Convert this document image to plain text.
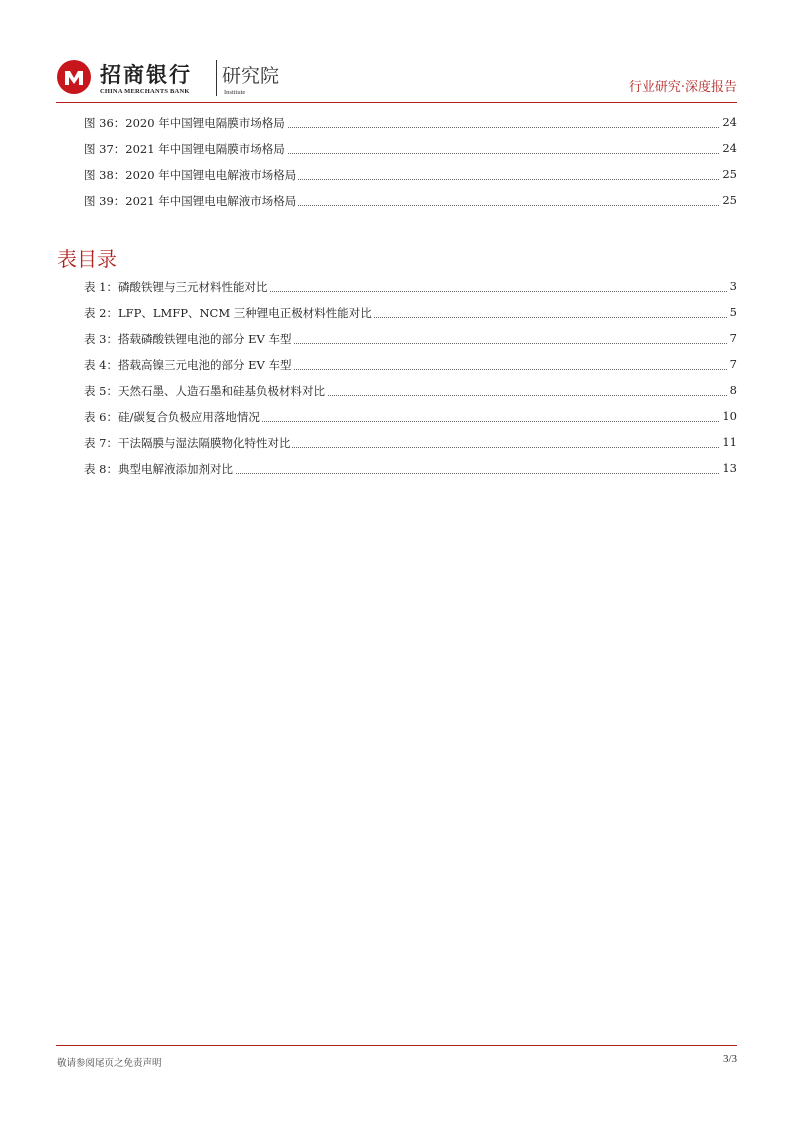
招商银行
CHINA MERCHANTS BANK
研究院
Institute	行业研究·深度报告
图 36：2020 年中国锂电隔膜市场格局	24
图 37：2021 年中国锂电隔膜市场格局	24
图 38：2020 年中国锂电电解液市场格局	25
图 39：2021 年中国锂电电解液市场格局	25
表目录
表 1：磷酸铁锂与三元材料性能对比	3
表 2：LFP、LMFP、NCM 三种锂电正极材料性能对比	5
表 3：搭载磷酸铁锂电池的部分 EV 车型	7
表 4：搭载高镍三元电池的部分 EV 车型	7
表 5：天然石墨、人造石墨和硅基负极材料对比	8
表 6：硅/碳复合负极应用落地情况	10
表 7：干法隔膜与湿法隔膜物化特性对比	11
表 8：典型电解液添加剂对比	13
敬请参阅尾页之免责声明	3/3
